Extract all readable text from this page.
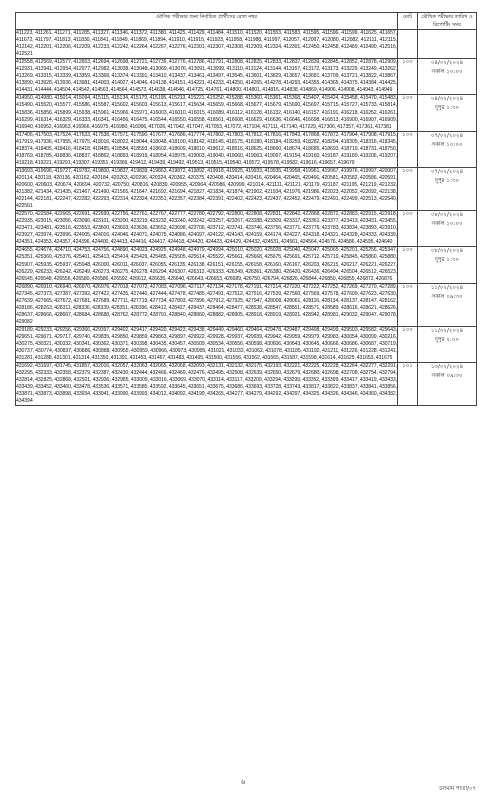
মৌখিক পরীক্ষার জন্য নির্বাচিত প্রার্থীদের রোল নম্বর	মোট	মৌখিক পরীক্ষার তারিখ ও রিপোর্টিং সময়
411223, 411261, 411271, 411285, 411327, 411346, 411372, 411380, 411425, 411429, 411484, 411510, 411520, 411553, 411583, 411595, 411596, 411599, 411625, 411657, 411672, 411797, 411813, 411830, 411841, 411849, 411869, 411894, 411910, 411915, 411923, 411958, 411988, 411997, 412057, 412067, 412080, 412082, 412111, 412115, 412142, 412201, 412206, 412209, 412233, 412242, 412264, 412267, 412276, 412301, 412307, 412308, 412309, 412324, 412391, 412450, 412458, 412489, 412490, 412516, 412521		

412558, 412569, 412577, 412653, 412694, 412698, 412721, 412739, 412776, 412786, 412791, 412808, 412825, 412833, 412837, 412839, 412845, 412852, 412878, 412909, 412931, 412941, 412954, 412977, 412982, 413038, 413048, 413069, 413076, 413091, 413099, 413110, 413124, 413144, 413157, 413172, 413173, 413229, 413249, 413262, 413269, 413315, 413339, 413359, 413368, 413374, 413391, 413410, 413437, 413461, 413497, 413545, 413601, 413629, 413657, 413681, 413709, 413721, 413822, 413867, 413890, 413928, 413936, 413981, 414003, 414027, 414046, 414138, 414151, 414221, 414233, 414250, 414265, 414278, 414293, 414355, 414365, 414375, 414384, 414425, 414431, 414444, 414504, 414542, 414563, 414564, 414573, 414638, 414646, 414725, 414761, 414800, 414801, 414816, 414838, 414869, 414906, 414908, 414943, 414949	১০০	০৪/০২/২০২৪
সকাল ১০:০০

414950, 414980, 415014, 415094, 415115, 415134, 415179, 415195, 415213, 415221, 415250, 415288, 415360, 415361, 415368, 415407, 415424, 415458, 415470, 415483, 415490, 415520, 415577, 415586, 415587, 415602, 415603, 415613, 415617, 415634, 415659, 415668, 415677, 415679, 415690, 415697, 415715, 415727, 415733, 415814, 415836, 415856, 415899, 415938, 415961, 415966, 415971, 416003, 416010, 416015, 416089, 416112, 416128, 416132, 416140, 416157, 416191, 416218, 416252, 416261, 416299, 416314, 416329, 416333, 416341, 416456, 416475, 416544, 416550, 416558, 416561, 416608, 416629, 416636, 416646, 416698, 416813, 416900, 416907, 416909, 416940, 416952, 416963, 416966, 416975, 416980, 416996, 417026, 417042, 417047, 417053, 417072, 417104, 417111, 417140, 417229, 417306, 417357, 417361, 417381	১০০	০৪/০২/২০২৪
দুপুর ১:৩০

417406, 417503, 417524, 417533, 417538, 417571, 417590, 417677, 417686, 417774, 417802, 417803, 417812, 417816, 417843, 417868, 417872, 417904, 417908, 417915, 417919, 417936, 417955, 417975, 418016, 418022, 418044, 418048, 418100, 418142, 418145, 418175, 418180, 418184, 418259, 418282, 418294, 418305, 418316, 418345, 418374, 418405, 418416, 418418, 418485, 418584, 418593, 418602, 418609, 418610, 418612, 418616, 418625, 418660, 418674, 418685, 418693, 418719, 418731, 418750, 418769, 418785, 418836, 418837, 418862, 418893, 418919, 418954, 418975, 419003, 419040, 419060, 419063, 419097, 419154, 419160, 419187, 419189, 419206, 419207, 419218, 419221, 419291, 419307, 419351, 419366, 419412, 419439, 419492, 419513, 419515, 419540, 419572, 419578, 419582, 419616, 419657, 419679	১০০	০৭/০২/২০২৪
সকাল ১০:০০

419693, 419696, 419727, 419782, 419800, 419837, 419839, 419863, 419872, 419892, 419918, 419925, 419933, 419935, 419958, 419961, 419967, 419976, 419997, 420007, 420114, 420118, 420136, 420162, 420184, 420263, 420296, 420324, 420362, 420375, 420408, 420414, 420416, 420464, 420465, 420466, 420581, 420582, 420586, 420591, 420600, 420603, 420674, 420694, 420732, 420750, 420816, 420839, 420955, 420964, 420986, 420999, 421014, 421111, 421121, 421179, 421187, 421195, 421219, 421232, 421382, 421434, 421435, 421467, 421490, 421565, 421647, 421692, 421694, 421827, 421834, 421874, 421902, 421934, 421976, 421986, 422023, 422052, 422092, 422138, 422144, 422181, 422247, 422282, 422293, 422314, 422324, 422351, 422357, 422384, 422391, 422402, 422423, 422437, 422452, 422479, 422491, 422499, 422513, 422540, 422561	১০০	০৭/০২/২০২৪
দুপুর ১:৩০

422570, 422584, 422665, 422691, 422699, 422756, 422761, 422767, 422777, 422780, 422792, 422800, 422808, 422831, 422842, 422868, 422872, 422883, 422915, 422918, 422935, 423015, 423056, 423096, 423101, 423200, 423219, 423232, 423240, 423242, 423257, 423267, 423288, 423309, 423317, 423361, 423377, 423413, 423431, 423455, 423471, 423481, 423516, 423553, 423600, 423603, 423636, 423652, 423698, 423706, 423712, 423741, 423746, 423756, 423771, 423776, 423783, 423834, 423893, 423910, 423927, 423974, 423996, 424005, 424016, 424046, 424071, 424075, 424086, 424097, 424122, 424143, 424159, 424174, 424227, 424318, 424321, 424328, 424333, 424339, 424351, 424353, 424357, 424396, 424400, 424413, 424416, 424417, 424418, 424420, 424423, 424429, 424432, 424531, 424561, 424564, 424576, 424586, 424595, 424640	১০০	০৮/০২/২০২৪
সকাল ১০:০০

424655, 424674, 424710, 424753, 424756, 424890, 424923, 424925, 424948, 424979, 424994, 425010, 425020, 425028, 425040, 425047, 425065, 425201, 425256, 425347, 425351, 425360, 425376, 425401, 425413, 425414, 425429, 425485, 425505, 425514, 425522, 425661, 425668, 425675, 425691, 425712, 425719, 425845, 425860, 425880, 425907, 425935, 425937, 425948, 426000, 426011, 426037, 426055, 426135, 426138, 426151, 426155, 426158, 426160, 426167, 426203, 426215, 426217, 426221, 426227, 426229, 426233, 426242, 426249, 426273, 426275, 426278, 426294, 426307, 426312, 426333, 426349, 426361, 426380, 426420, 426436, 426494, 426504, 426512, 426523, 426545, 426548, 426556, 426580, 426586, 426592, 426612, 426635, 426640, 426643, 426653, 426689, 426750, 426794, 426826, 426844, 426850, 426855, 426872, 426876	১০০	০৮/০২/২০২৪
দুপুর ১:৩০

426890, 426910, 426940, 426970, 426976, 427018, 427072, 427083, 427096, 427117, 427134, 427178, 427191, 427214, 427220, 427222, 427252, 427269, 427270, 427289, 427345, 427373, 427387, 427392, 427422, 427435, 427440, 427444, 427478, 427485, 427491, 427512, 427516, 427539, 427560, 427569, 427578, 427609, 427623, 427630, 427639, 427665, 427672, 427681, 427689, 427711, 427719, 427734, 427803, 427896, 427912, 427925, 427947, 428008, 428061, 428116, 428134, 428137, 428147, 428162, 428186, 428263, 428311, 428336, 428339, 428351, 428396, 428412, 428427, 428437, 428464, 428477, 428538, 428547, 428551, 428571, 428589, 428616, 428621, 428626, 428637, 428666, 428667, 428684, 428688, 428762, 428772, 428791, 428840, 428860, 428882, 428905, 428918, 428919, 428921, 428942, 428981, 429032, 429047, 429078, 429082	১০০	১১/০২/২০২৪
সকাল ০৯:৩০

429189, 429233, 429256, 429366, 429397, 429402, 429417, 429420, 429423, 429438, 429449, 429460, 429464, 429478, 429487, 429498, 429499, 429503, 429582, 429643, 429651, 429671, 429717, 429740, 429835, 429850, 429859, 429863, 429897, 429922, 429928, 429937, 429939, 429942, 429959, 429979, 429983, 430054, 430099, 430216, 430275, 430321, 430332, 430341, 430362, 430371, 430398, 430435, 430457, 430509, 430534, 430556, 430598, 430606, 430643, 430645, 430666, 430686, 430687, 430719, 430737, 430774, 430837, 430886, 430888, 430955, 430959, 430966, 430973, 430995, 431021, 431032, 431062, 431078, 431185, 431192, 431211, 431226, 431228, 431241, 431281, 431288, 431301, 431314, 431350, 431391, 431453, 431467, 431483, 431495, 431500, 431556, 431562, 431565, 431587, 431598, 431614, 431625, 431653, 431675	১০০	১১/০২/২০২৪
দুপুর ২:০০

431692, 431697, 431745, 431857, 432016, 432057, 432063, 432065, 432068, 432093, 432131, 432132, 432175, 432193, 432221, 432225, 432228, 432264, 432277, 432291, 432295, 432333, 432358, 432379, 432387, 432430, 432444, 432466, 432469, 432476, 432495, 432508, 432639, 432650, 432679, 432680, 432698, 432708, 432754, 432794, 432814, 432825, 432868, 432921, 432936, 432985, 433009, 433016, 433069, 433070, 433114, 433117, 433209, 433294, 433299, 433352, 433399, 433417, 433419, 433433, 433439, 433452, 433460, 433478, 433536, 433571, 433585, 433592, 433645, 433651, 433675, 433686, 433693, 433728, 433743, 433817, 433822, 433837, 433841, 433856, 433871, 433873, 433898, 433934, 433941, 433990, 433993, 434012, 434092, 434199, 434265, 434277, 434279, 434292, 434297, 434325, 434326, 434346, 434360, 434382, 434394	১০১	১৩/০২/২০২৪
সকাল ০৯:৩০
৬
চলমান পাতা/০৭
